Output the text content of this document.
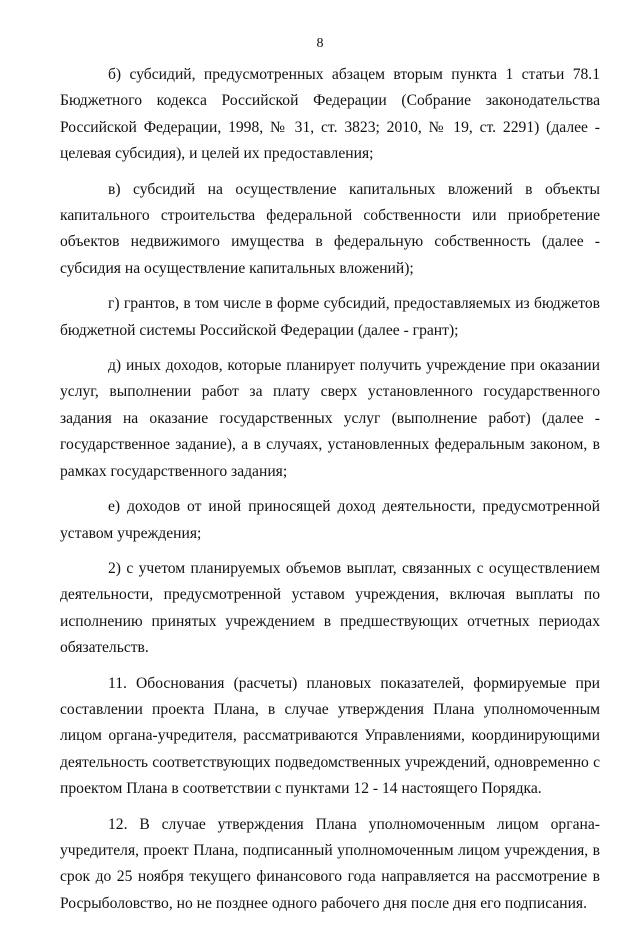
8

б) субсидий, предусмотренных абзацем вторым пункта 1 статьи 78.1 Бюджетного кодекса Российской Федерации (Собрание законодательства Российской Федерации, 1998, № 31, ст. 3823; 2010, № 19, ст. 2291) (далее - целевая субсидия), и целей их предоставления;

в) субсидий на осуществление капитальных вложений в объекты капитального строительства федеральной собственности или приобретение объектов недвижимого имущества в федеральную собственность (далее - субсидия на осуществление капитальных вложений);

г) грантов, в том числе в форме субсидий, предоставляемых из бюджетов бюджетной системы Российской Федерации (далее - грант);

д) иных доходов, которые планирует получить учреждение при оказании услуг, выполнении работ за плату сверх установленного государственного задания на оказание государственных услуг (выполнение работ) (далее - государственное задание), а в случаях, установленных федеральным законом, в рамках государственного задания;

е) доходов от иной приносящей доход деятельности, предусмотренной уставом учреждения;

2) с учетом планируемых объемов выплат, связанных с осуществлением деятельности, предусмотренной уставом учреждения, включая выплаты по исполнению принятых учреждением в предшествующих отчетных периодах обязательств.

11. Обоснования (расчеты) плановых показателей, формируемые при составлении проекта Плана, в случае утверждения Плана уполномоченным лицом органа-учредителя, рассматриваются Управлениями, координирующими деятельность соответствующих подведомственных учреждений, одновременно с проектом Плана в соответствии с пунктами 12 - 14 настоящего Порядка.

12. В случае утверждения Плана уполномоченным лицом органа-учредителя, проект Плана, подписанный уполномоченным лицом учреждения, в срок до 25 ноября текущего финансового года направляется на рассмотрение в Росрыболовство, но не позднее одного рабочего дня после дня его подписания.
